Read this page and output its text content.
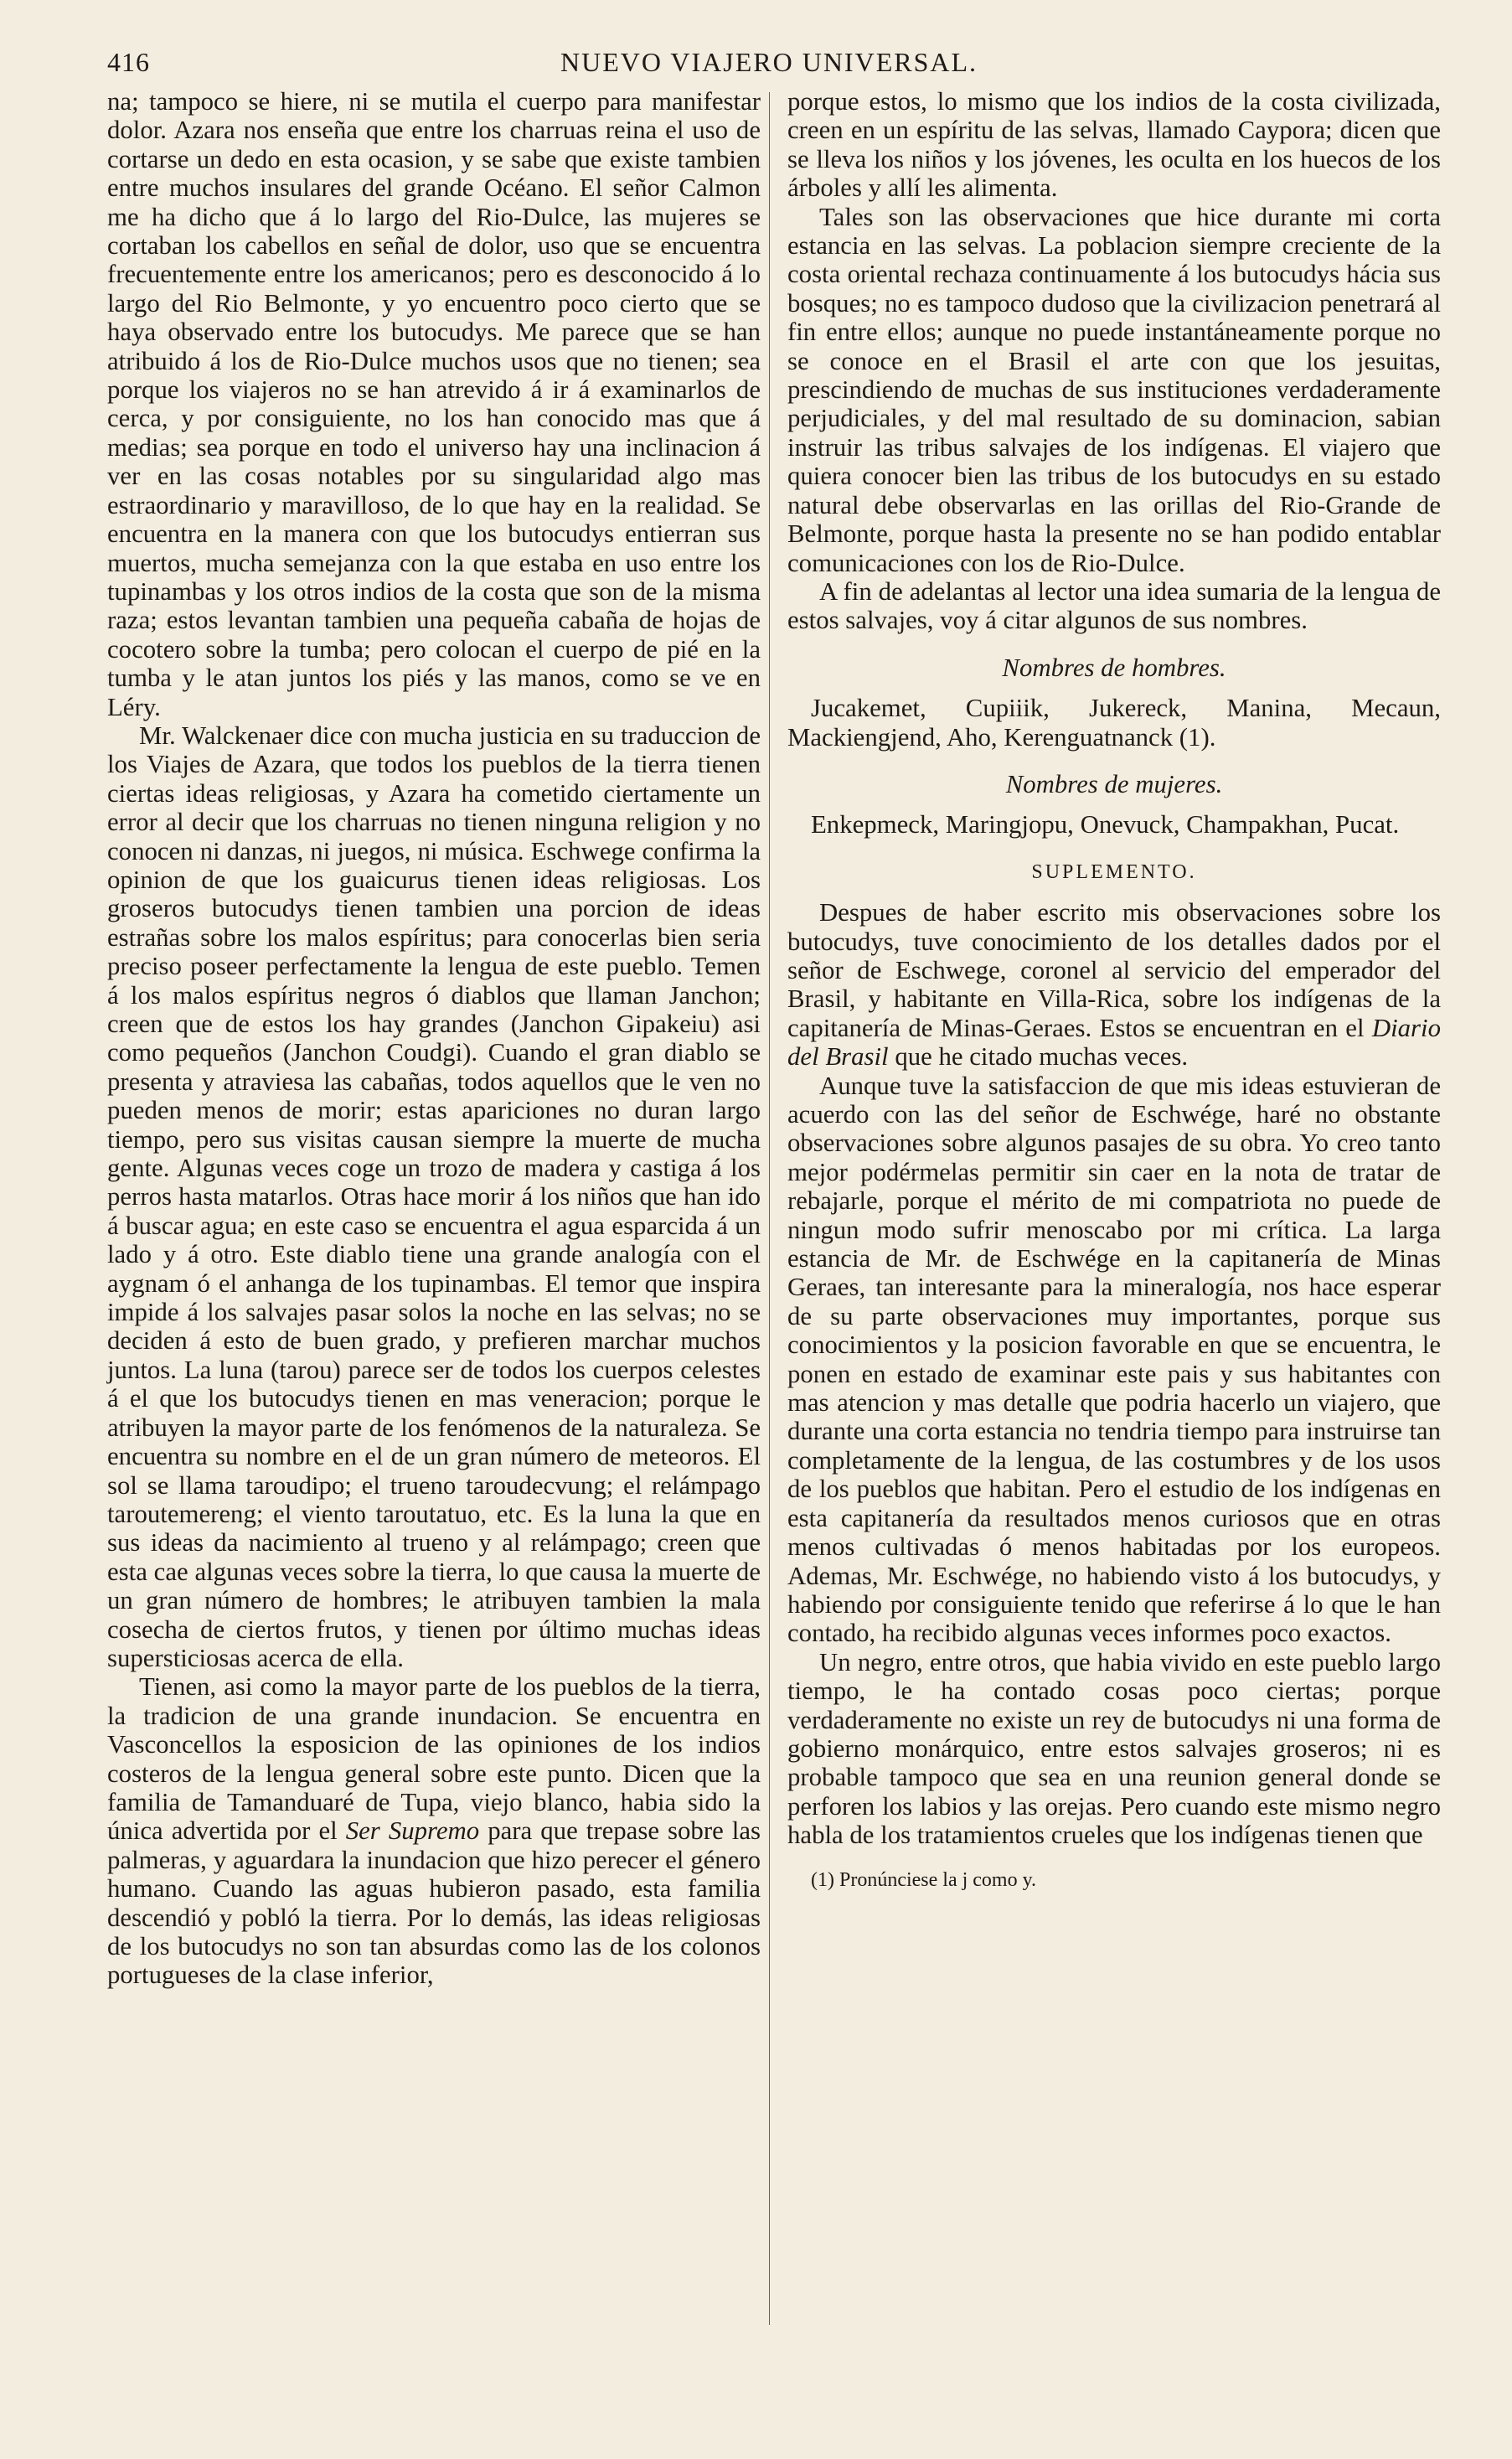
416	NUEVO VIAJERO UNIVERSAL.

na; tampoco se hiere, ni se mutila el cuerpo para manifestar dolor. Azara nos enseña que entre los charruas reina el uso de cortarse un dedo en esta ocasion, y se sabe que existe tambien entre muchos insulares del grande Océano. El señor Calmon me ha dicho que á lo largo del Rio-Dulce, las mujeres se cortaban los cabellos en señal de dolor, uso que se encuentra frecuentemente entre los americanos; pero es desconocido á lo largo del Rio Belmonte, y yo encuentro poco cierto que se haya observado entre los butocudys. Me parece que se han atribuido á los de Rio-Dulce muchos usos que no tienen; sea porque los viajeros no se han atrevido á ir á examinarlos de cerca, y por consiguiente, no los han conocido mas que á medias; sea porque en todo el universo hay una inclinacion á ver en las cosas notables por su singularidad algo mas estraordinario y maravilloso, de lo que hay en la realidad. Se encuentra en la manera con que los butocudys entierran sus muertos, mucha semejanza con la que estaba en uso entre los tupinambas y los otros indios de la costa que son de la misma raza; estos levantan tambien una pequeña cabaña de hojas de cocotero sobre la tumba; pero colocan el cuerpo de pié en la tumba y le atan juntos los piés y las manos, como se ve en Léry.

Mr. Walckenaer dice con mucha justicia en su traduccion de los Viajes de Azara, que todos los pueblos de la tierra tienen ciertas ideas religiosas, y Azara ha cometido ciertamente un error al decir que los charruas no tienen ninguna religion y no conocen ni danzas, ni juegos, ni música. Eschwege confirma la opinion de que los guaicurus tienen ideas religiosas. Los groseros butocudys tienen tambien una porcion de ideas estrañas sobre los malos espíritus; para conocerlas bien seria preciso poseer perfectamente la lengua de este pueblo. Temen á los malos espíritus negros ó diablos que llaman Janchon; creen que de estos los hay grandes (Janchon Gipakeiu) asi como pequeños (Janchon Coudgi). Cuando el gran diablo se presenta y atraviesa las cabañas, todos aquellos que le ven no pueden menos de morir; estas apariciones no duran largo tiempo, pero sus visitas causan siempre la muerte de mucha gente. Algunas veces coge un trozo de madera y castiga á los perros hasta matarlos. Otras hace morir á los niños que han ido á buscar agua; en este caso se encuentra el agua esparcida á un lado y á otro. Este diablo tiene una grande analogía con el aygnam ó el anhanga de los tupinambas. El temor que inspira impide á los salvajes pasar solos la noche en las selvas; no se deciden á esto de buen grado, y prefieren marchar muchos juntos. La luna (tarou) parece ser de todos los cuerpos celestes á el que los butocudys tienen en mas veneracion; porque le atribuyen la mayor parte de los fenómenos de la naturaleza. Se encuentra su nombre en el de un gran número de meteoros. El sol se llama taroudipo; el trueno taroudecvung; el relámpago taroutemereng; el viento taroutatuo, etc. Es la luna la que en sus ideas da nacimiento al trueno y al relámpago; creen que esta cae algunas veces sobre la tierra, lo que causa la muerte de un gran número de hombres; le atribuyen tambien la mala cosecha de ciertos frutos, y tienen por último muchas ideas supersticiosas acerca de ella.

Tienen, asi como la mayor parte de los pueblos de la tierra, la tradicion de una grande inundacion. Se encuentra en Vasconcellos la esposicion de las opiniones de los indios costeros de la lengua general sobre este punto. Dicen que la familia de Tamanduaré de Tupa, viejo blanco, habia sido la única advertida por el Ser Supremo para que trepase sobre las palmeras, y aguardara la inundacion que hizo perecer el género humano. Cuando las aguas hubieron pasado, esta familia descendió y pobló la tierra. Por lo demás, las ideas religiosas de los butocudys no son tan absurdas como las de los colonos portugueses de la clase inferior,

porque estos, lo mismo que los indios de la costa civilizada, creen en un espíritu de las selvas, llamado Caypora; dicen que se lleva los niños y los jóvenes, les oculta en los huecos de los árboles y allí les alimenta.

Tales son las observaciones que hice durante mi corta estancia en las selvas. La poblacion siempre creciente de la costa oriental rechaza continuamente á los butocudys hácia sus bosques; no es tampoco dudoso que la civilizacion penetrará al fin entre ellos; aunque no puede instantáneamente porque no se conoce en el Brasil el arte con que los jesuitas, prescindiendo de muchas de sus instituciones verdaderamente perjudiciales, y del mal resultado de su dominacion, sabian instruir las tribus salvajes de los indígenas. El viajero que quiera conocer bien las tribus de los butocudys en su estado natural debe observarlas en las orillas del Rio-Grande de Belmonte, porque hasta la presente no se han podido entablar comunicaciones con los de Rio-Dulce.

A fin de adelantas al lector una idea sumaria de la lengua de estos salvajes, voy á citar algunos de sus nombres.

Nombres de hombres.

Jucakemet, Cupiiik, Jukereck, Manina, Mecaun, Mackiengjend, Aho, Kerenguatnanck (1).

Nombres de mujeres.

Enkepmeck, Maringjopu, Onevuck, Champakhan, Pucat.

SUPLEMENTO.

Despues de haber escrito mis observaciones sobre los butocudys, tuve conocimiento de los detalles dados por el señor de Eschwege, coronel al servicio del emperador del Brasil, y habitante en Villa-Rica, sobre los indígenas de la capitanería de Minas-Geraes. Estos se encuentran en el Diario del Brasil que he citado muchas veces.

Aunque tuve la satisfaccion de que mis ideas estuvieran de acuerdo con las del señor de Eschwége, haré no obstante observaciones sobre algunos pasajes de su obra. Yo creo tanto mejor podérmelas permitir sin caer en la nota de tratar de rebajarle, porque el mérito de mi compatriota no puede de ningun modo sufrir menoscabo por mi crítica. La larga estancia de Mr. de Eschwége en la capitanería de Minas Geraes, tan interesante para la mineralogía, nos hace esperar de su parte observaciones muy importantes, porque sus conocimientos y la posicion favorable en que se encuentra, le ponen en estado de examinar este pais y sus habitantes con mas atencion y mas detalle que podria hacerlo un viajero, que durante una corta estancia no tendria tiempo para instruirse tan completamente de la lengua, de las costumbres y de los usos de los pueblos que habitan. Pero el estudio de los indígenas en esta capitanería da resultados menos curiosos que en otras menos cultivadas ó menos habitadas por los europeos. Ademas, Mr. Eschwége, no habiendo visto á los butocudys, y habiendo por consiguiente tenido que referirse á lo que le han contado, ha recibido algunas veces informes poco exactos.

Un negro, entre otros, que habia vivido en este pueblo largo tiempo, le ha contado cosas poco ciertas; porque verdaderamente no existe un rey de butocudys ni una forma de gobierno monárquico, entre estos salvajes groseros; ni es probable tampoco que sea en una reunion general donde se perforen los labios y las orejas. Pero cuando este mismo negro habla de los tratamientos crueles que los indígenas tienen que

(1) Pronúnciese la j como y.
